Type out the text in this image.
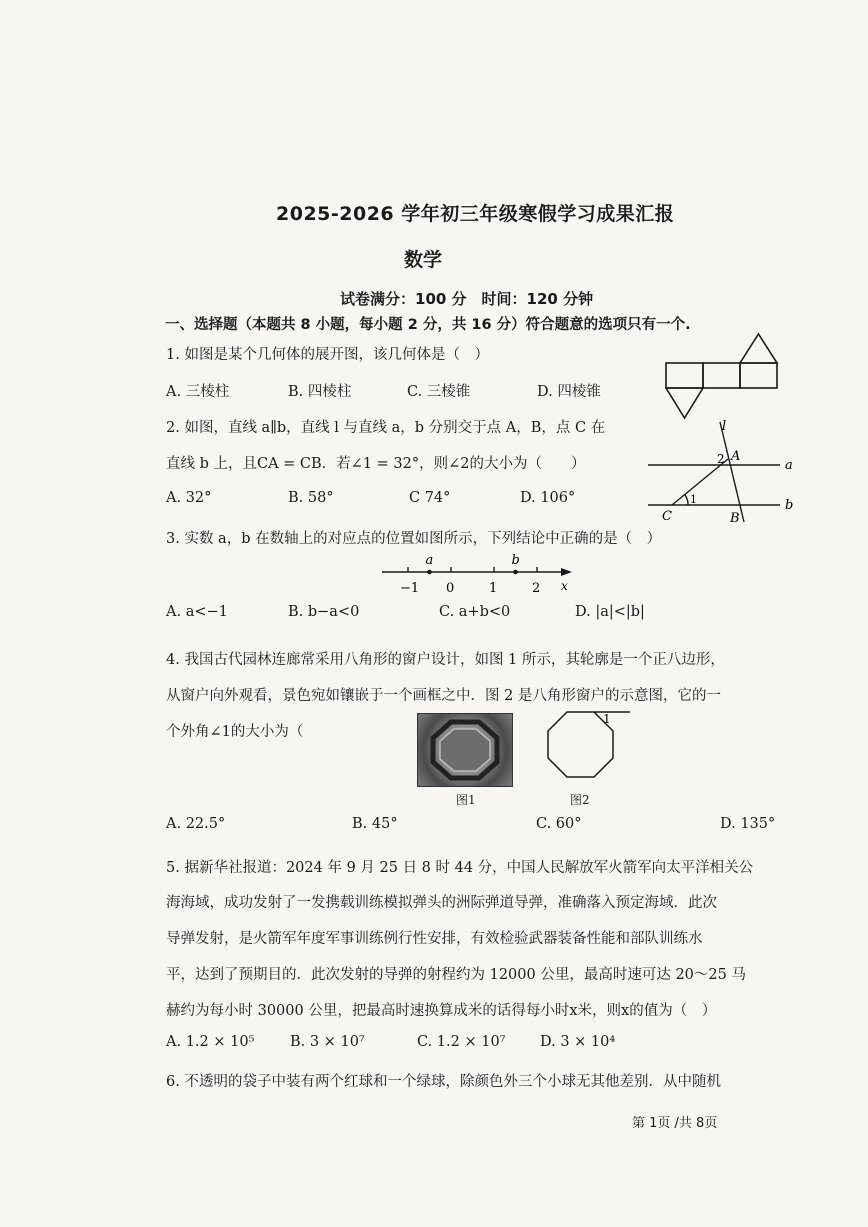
2025-2026 学年初三年级寒假学习成果汇报
数学
试卷满分：100 分　时间：120 分钟
一、选择题（本题共 8 小题，每小题 2 分，共 16 分）符合题意的选项只有一个.
1. 如图是某个几何体的展开图，该几何体是（　）
A. 三棱柱	B. 四棱柱	C. 三棱锥	D. 四棱锥
2. 如图，直线 a∥b，直线 l 与直线 a，b 分别交于点 A，B，点 C 在
直线 b 上，且CA = CB．若∠1 = 32°，则∠2的大小为（　　）
A. 32°	B. 58°	C 74°	D. 106°
l
a
b
A
B
C
1
2
3. 实数 a，b 在数轴上的对应点的位置如图所示，下列结论中正确的是（　）
−1 0	1	2
a	b
x
A. a<−1	B. b−a<0	C. a+b<0	D. |a|<|b|
4. 我国古代园林连廊常采用八角形的窗户设计，如图 1 所示，其轮廓是一个正八边形，
从窗户向外观看，景色宛如镶嵌于一个画框之中．图 2 是八角形窗户的示意图，它的一
个外角∠1的大小为（
图1
1
图2
A. 22.5°	B. 45°	C. 60°	D. 135°
5. 据新华社报道：2024 年 9 月 25 日 8 时 44 分，中国人民解放军火箭军向太平洋相关公
海海域，成功发射了一发携载训练模拟弹头的洲际弹道导弹，准确落入预定海域．此次
导弹发射，是火箭军年度军事训练例行性安排，有效检验武器装备性能和部队训练水
平，达到了预期目的．此次发射的导弹的射程约为 12000 公里，最高时速可达 20～25 马
赫约为每小时 30000 公里，把最高时速换算成米的话得每小时x米，则x的值为（　）
A. 1.2 × 10⁵ B. 3 × 10⁷	C. 1.2 × 10⁷ D. 3 × 10⁴
6. 不透明的袋子中装有两个红球和一个绿球，除颜色外三个小球无其他差别．从中随机
第 1页 /共 8页
